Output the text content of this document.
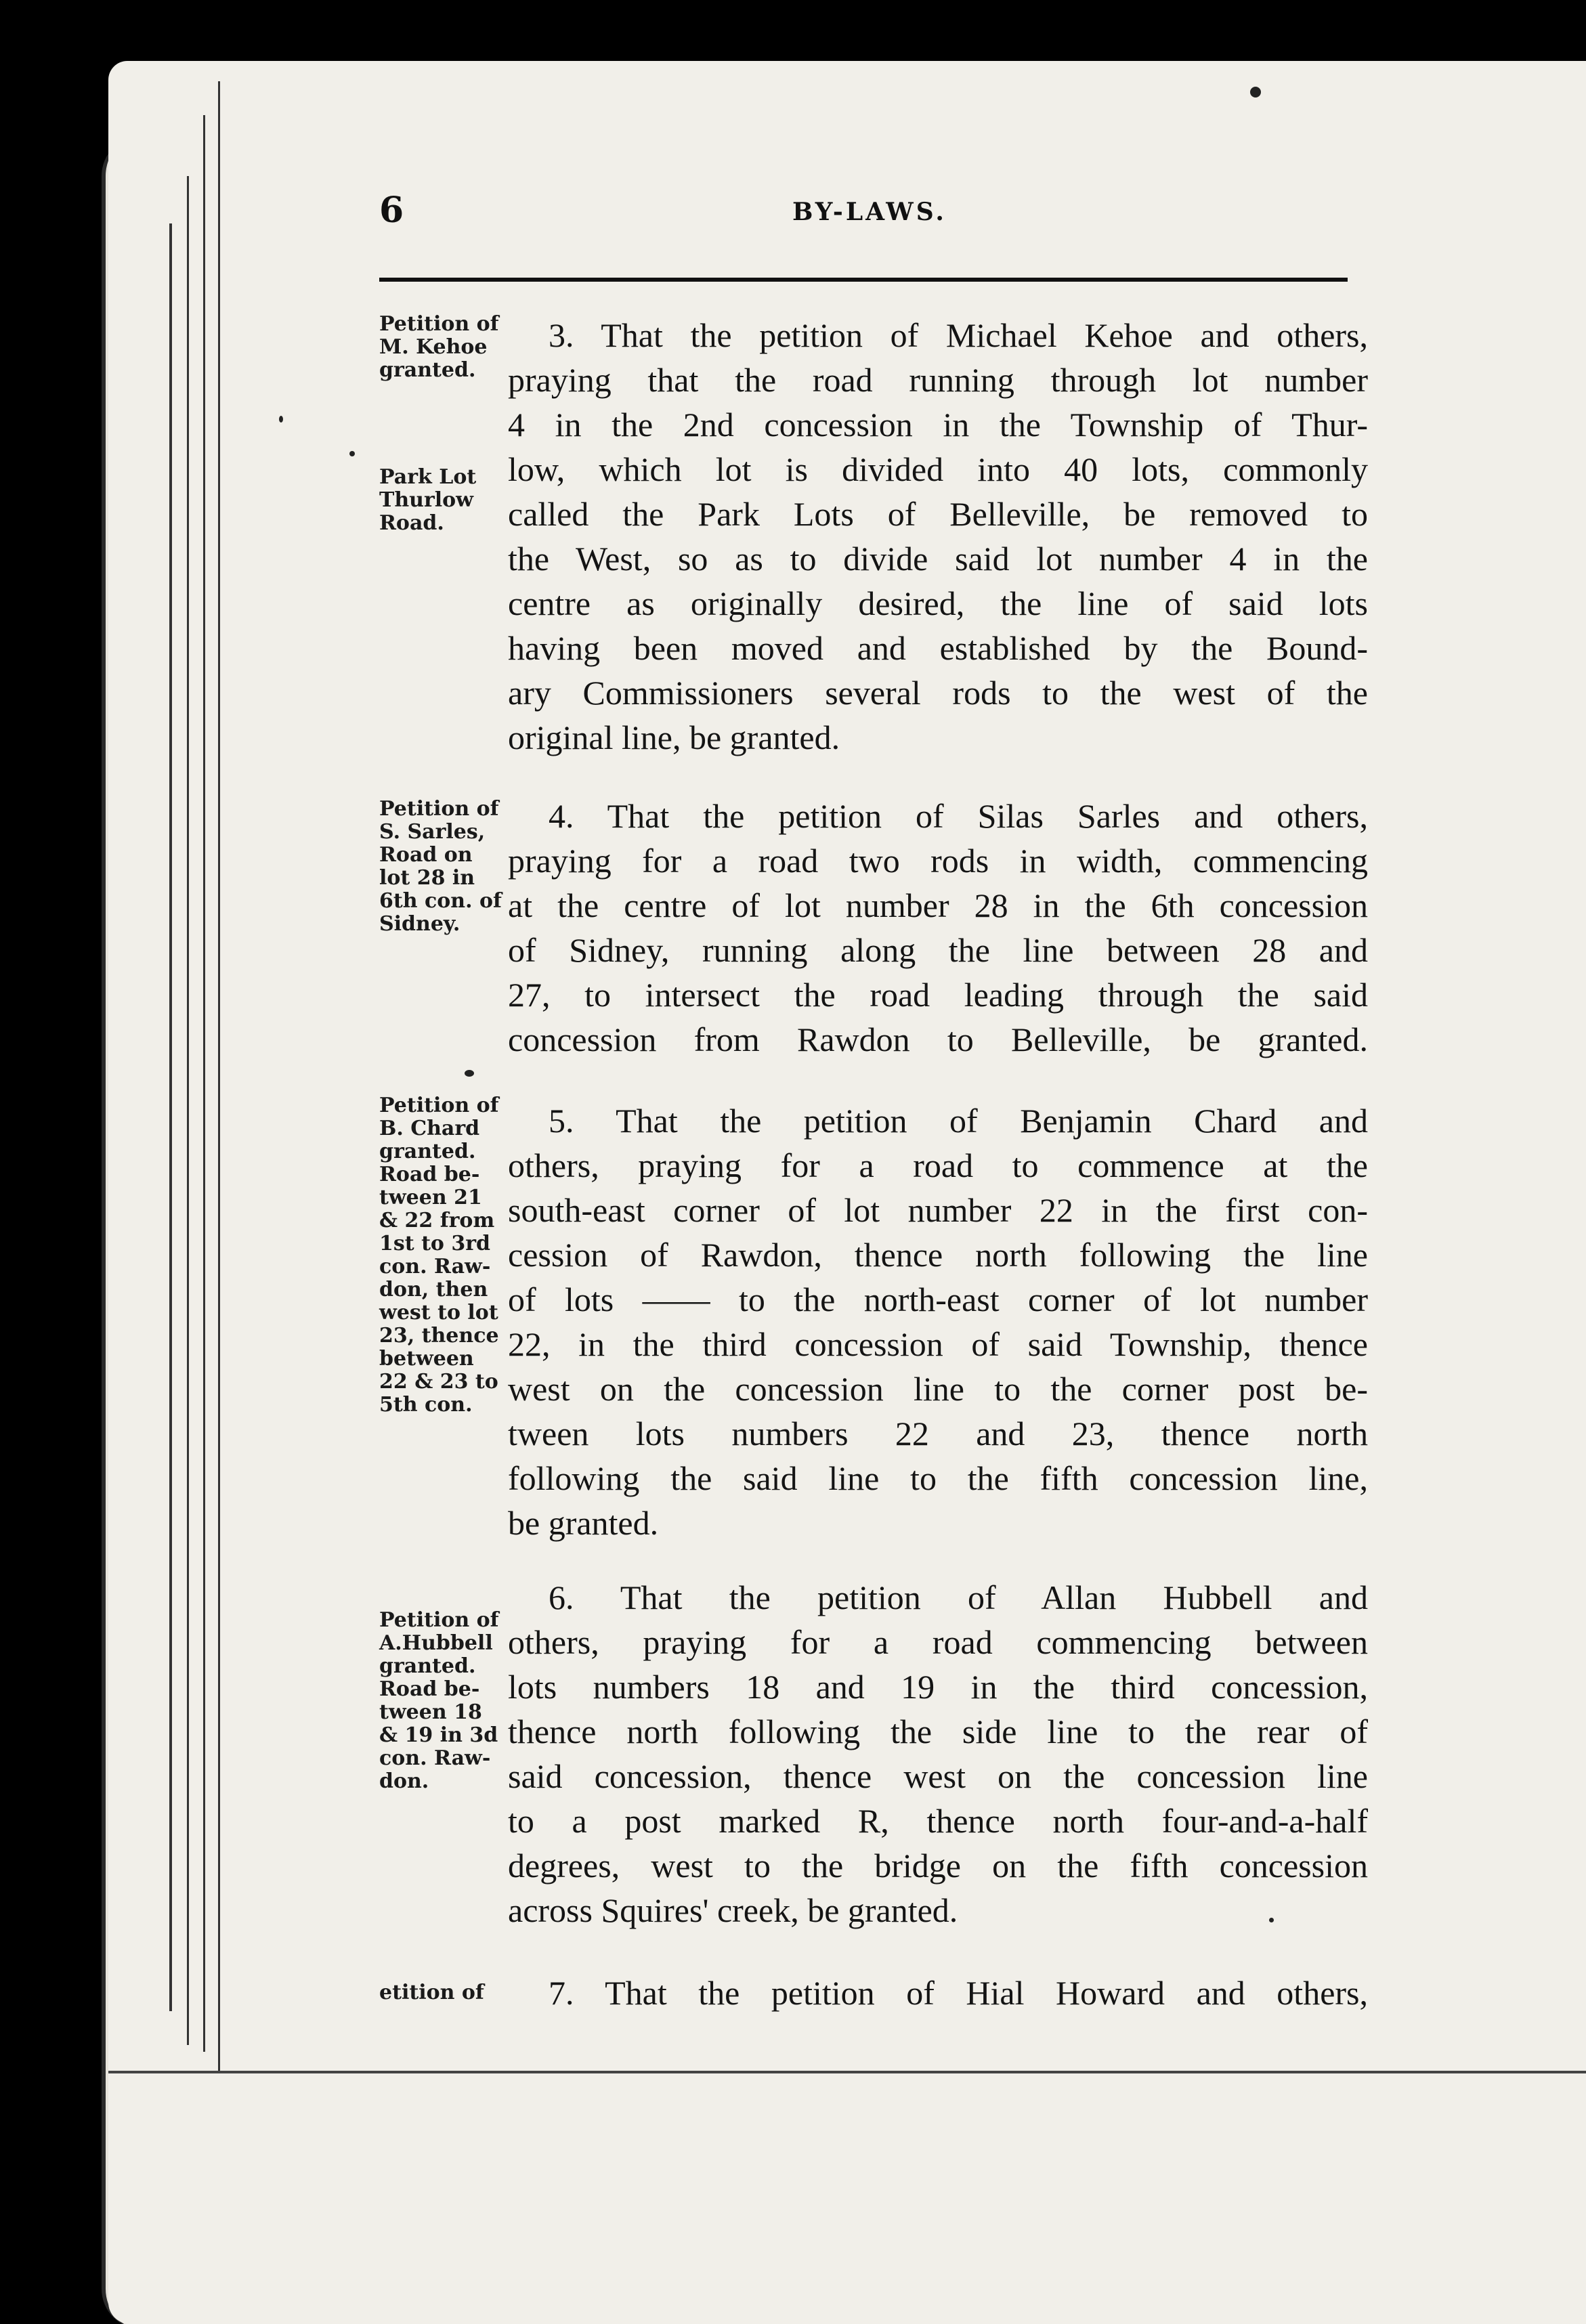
6	BY-LAWS.
Petition of
M. Kehoe
granted.
Park Lot
Thurlow
Road.
3. That the petition of Michael Kehoe and others,
praying that the road running through lot number
4 in the 2nd concession in the Township of Thur-
low, which lot is divided into 40 lots, commonly
called the Park Lots of Belleville, be removed to
the West, so as to divide said lot number 4 in the
centre as originally desired, the line of said lots
having been moved and established by the Bound-
ary Commissioners several rods to the west of the
original line, be granted.
Petition of
S. Sarles,
Road on
lot 28 in
6th con. of
Sidney.
4. That the petition of Silas Sarles and others,
praying for a road two rods in width, commencing
at the centre of lot number 28 in the 6th concession
of Sidney, running along the line between 28 and
27, to intersect the road leading through the said
concession from Rawdon to Belleville, be granted.
Petition of
B. Chard
granted.
Road be-
tween 21
& 22 from
1st to 3rd
con. Raw-
don, then
west to lot
23, thence
between
22 & 23 to
5th con.
5. That the petition of Benjamin Chard and
others, praying for a road to commence at the
south-east corner of lot number 22 in the first con-
cession of Rawdon, thence north following the line
of lots —— to the north-east corner of lot number
22, in the third concession of said Township, thence
west on the concession line to the corner post be-
tween lots numbers 22 and 23, thence north
following the said line to the fifth concession line,
be granted.
Petition of
A.Hubbell
granted.
Road be-
tween 18
& 19 in 3d
con. Raw-
don.
6. That the petition of Allan Hubbell and
others, praying for a road commencing between
lots numbers 18 and 19 in the third concession,
thence north following the side line to the rear of
said concession, thence west on the concession line
to a post marked R, thence north four-and-a-half
degrees, west to the bridge on the fifth concession
across Squires' creek, be granted.
etition of	7. That the petition of Hial Howard and others,
